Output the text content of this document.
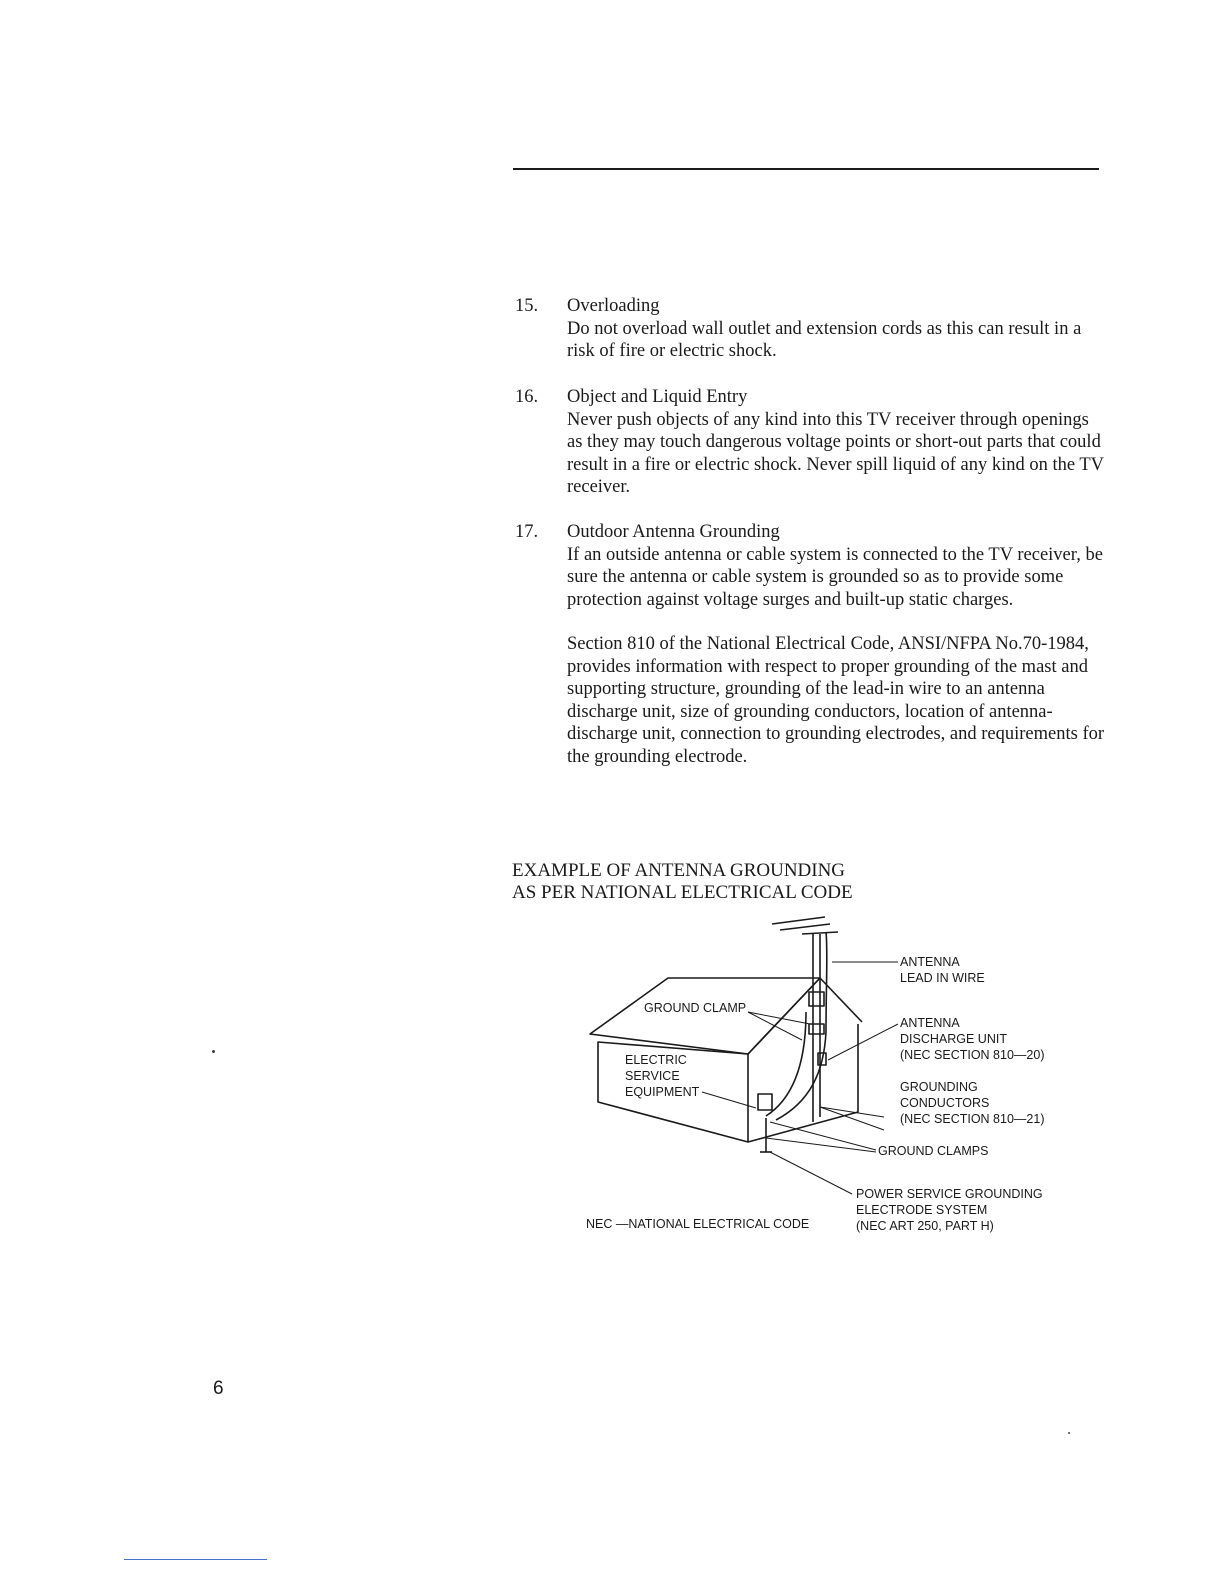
15. Overloading
Do not overload wall outlet and extension cords as this can result in a risk of fire or electric shock.
16. Object and Liquid Entry
Never push objects of any kind into this TV receiver through openings as they may touch dangerous voltage points or short-out parts that could result in a fire or electric shock. Never spill liquid of any kind on the TV receiver.
17. Outdoor Antenna Grounding
If an outside antenna or cable system is connected to the TV receiver, be sure the antenna or cable system is grounded so as to provide some protection against voltage surges and built-up static charges.
Section 810 of the National Electrical Code, ANSI/NFPA No.70-1984, provides information with respect to proper grounding of the mast and supporting structure, grounding of the lead-in wire to an antenna discharge unit, size of grounding conductors, location of antenna-discharge unit, connection to grounding electrodes, and requirements for the grounding electrode.
EXAMPLE OF ANTENNA GROUNDING
AS PER NATIONAL ELECTRICAL CODE
ANTENNA
LEAD IN WIRE
GROUND CLAMP
ELECTRIC
SERVICE
EQUIPMENT
ANTENNA
DISCHARGE UNIT
(NEC SECTION 810—20)
GROUNDING
CONDUCTORS
(NEC SECTION 810—21)
GROUND CLAMPS
POWER SERVICE GROUNDING
ELECTRODE SYSTEM
(NEC ART 250, PART H)
NEC —NATIONAL ELECTRICAL CODE
6
